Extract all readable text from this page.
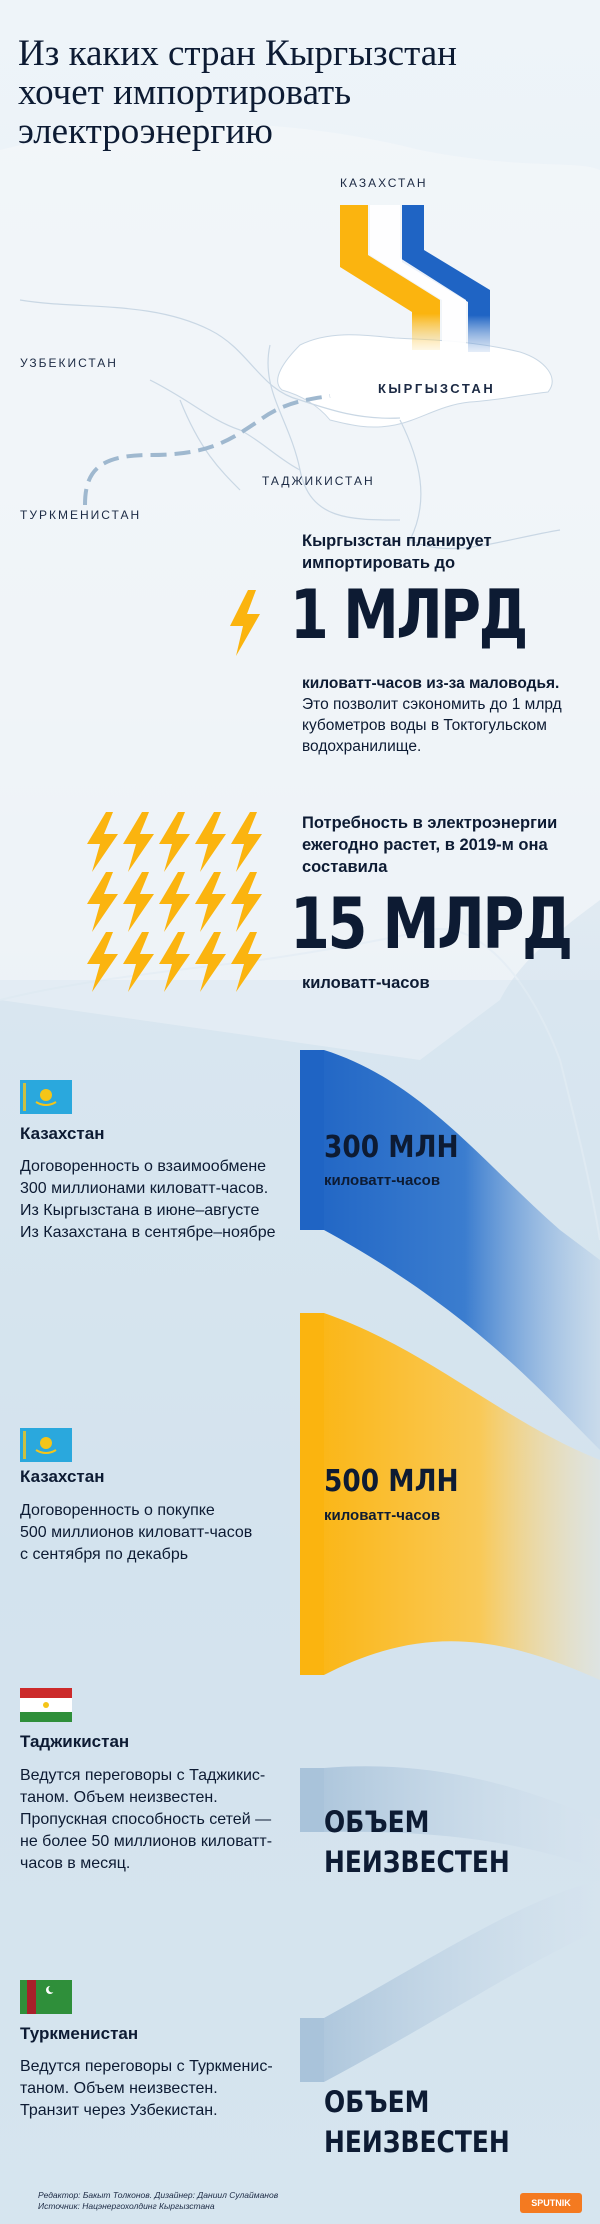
Из каких стран Кыргызстан
хочет импортировать
электроэнергию
КАЗАХСТАН
УЗБЕКИСТАН
КЫРГЫЗСТАН
ТАДЖИКИСТАН
ТУРКМЕНИСТАН
Кыргызстан планирует
импортировать до
1 МЛРД
киловатт-часов из-за маловодья.
Это позволит сэкономить до 1 млрд
кубометров воды в Токтогульском
водохранилище.
Потребность в электроэнергии
ежегодно растет, в 2019-м она
составила
15 МЛРД
киловатт-часов
Казахстан
Договоренность о взаимообмене
300 миллионами киловатт-часов.
Из Кыргызстана в июне–августе
Из Казахстана в сентябре–ноябре
300 МЛН
киловатт-часов
Казахстан
Договоренность о покупке
500 миллионов киловатт-часов
с сентября по декабрь
500 МЛН
киловатт-часов
Таджикистан
Ведутся переговоры с Таджикис-
таном. Объем неизвестен.
Пропускная способность сетей —
не более 50 миллионов киловатт-
часов в месяц.
ОБЪЕМ
НЕИЗВЕСТЕН
Туркменистан
Ведутся переговоры с Туркменис-
таном. Объем неизвестен.
Транзит через Узбекистан.	ОБЪЕМ
НЕИЗВЕСТЕН
Редактор: Бакыт Толконов. Дизайнер: Даниил Сулайманов
Источник: Нацэнергохолдинг Кыргызстана	SPUTNIK
